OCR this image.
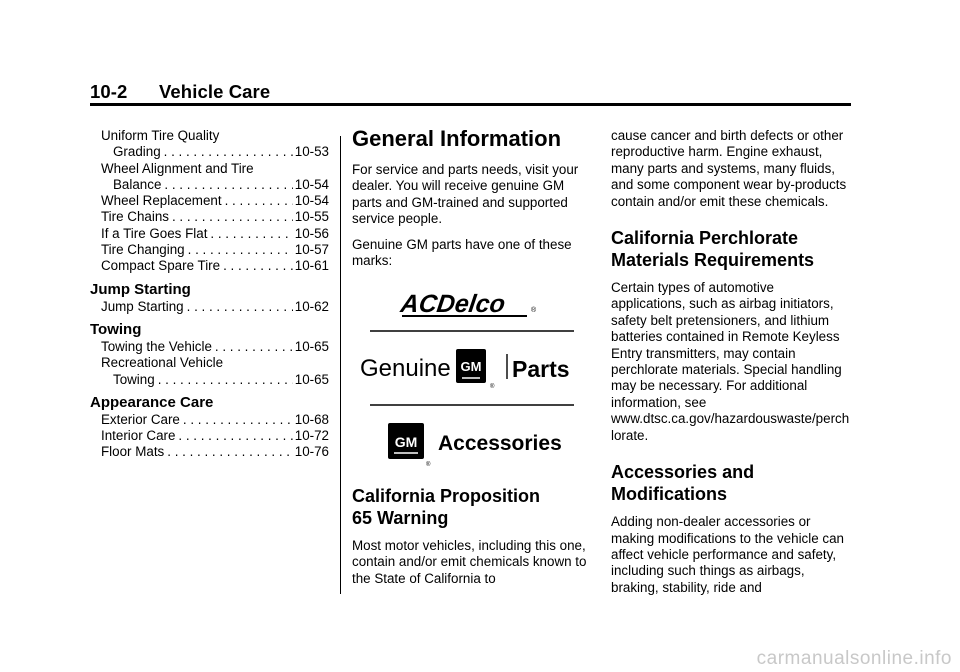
10-2 Vehicle Care
Uniform Tire Quality
Grading . . .	10-53
Wheel Alignment and Tire
Balance . . .	10-54
Wheel Replacement . . .	10-54
Tire Chains . . .	10-55
If a Tire Goes Flat . . .	10-56
Tire Changing . . .	10-57
Compact Spare Tire . . .	10-61
Jump Starting
Jump Starting . . .	10-62
Towing
Towing the Vehicle . . .	10-65
Recreational Vehicle
Towing . . .	10-65
Appearance Care
Exterior Care . . .	10-68
Interior Care . . .	10-72
Floor Mats . . .	10-76
General Information

For service and parts needs, visit your dealer. You will receive genuine GM parts and GM-trained and supported service people.

Genuine GM parts have one of these marks:

ACDelco	®
Genuine GM
®
Parts
GM
®
Accessories
California Proposition
65 Warning

Most motor vehicles, including this one, contain and/or emit chemicals known to the State of California to

cause cancer and birth defects or other reproductive harm. Engine exhaust, many parts and systems, many fluids, and some component wear by-products contain and/or emit these chemicals.

California Perchlorate
Materials Requirements

Certain types of automotive applications, such as airbag initiators, safety belt pretensioners, and lithium batteries contained in Remote Keyless Entry transmitters, may contain perchlorate materials. Special handling may be necessary. For additional information, see www.dtsc.ca.gov/hazardouswaste/perchlorate.

Accessories and
Modifications

Adding non-dealer accessories or making modifications to the vehicle can affect vehicle performance and safety, including such things as airbags, braking, stability, ride and

carmanualsonline.info
